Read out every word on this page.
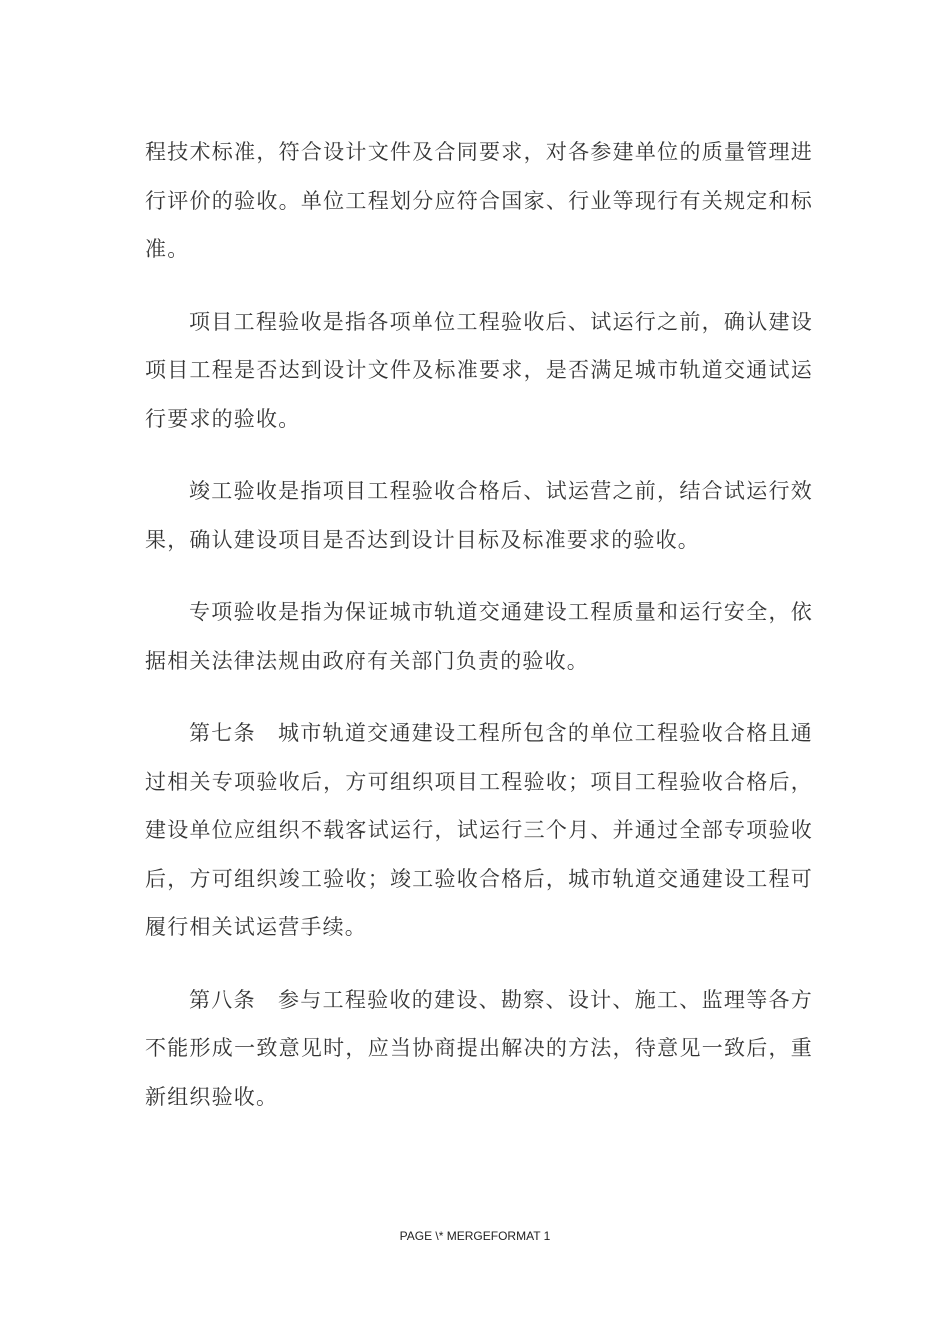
程技术标准，符合设计文件及合同要求，对各参建单位的质量管理进行评价的验收。单位工程划分应符合国家、行业等现行有关规定和标准。

项目工程验收是指各项单位工程验收后、试运行之前，确认建设项目工程是否达到设计文件及标准要求，是否满足城市轨道交通试运行要求的验收。

竣工验收是指项目工程验收合格后、试运营之前，结合试运行效果，确认建设项目是否达到设计目标及标准要求的验收。

专项验收是指为保证城市轨道交通建设工程质量和运行安全，依据相关法律法规由政府有关部门负责的验收。

第七条 城市轨道交通建设工程所包含的单位工程验收合格且通过相关专项验收后，方可组织项目工程验收；项目工程验收合格后，建设单位应组织不载客试运行，试运行三个月、并通过全部专项验收后，方可组织竣工验收；竣工验收合格后，城市轨道交通建设工程可履行相关试运营手续。

第八条 参与工程验收的建设、勘察、设计、施工、监理等各方不能形成一致意见时，应当协商提出解决的方法，待意见一致后，重新组织验收。

PAGE \* MERGEFORMAT 1
